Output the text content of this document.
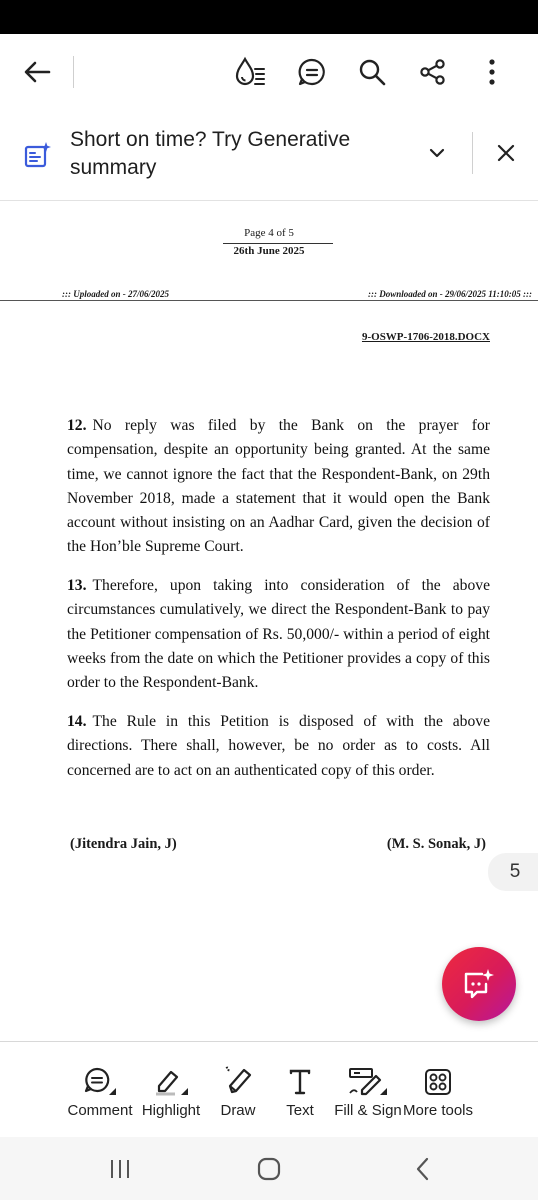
Short on time? Try Generative summary
Page 4 of 5
26th June 2025
::: Uploaded on - 27/06/2025	::: Downloaded on - 29/06/2025 11:10:05 :::
9-OSWP-1706-2018.DOCX
12. No reply was filed by the Bank on the prayer for compensation, despite an opportunity being granted. At the same time, we cannot ignore the fact that the Respondent-Bank, on 29th November 2018, made a statement that it would open the Bank account without insisting on an Aadhar Card, given the decision of the Hon’ble Supreme Court.
13. Therefore, upon taking into consideration of the above circumstances cumulatively, we direct the Respondent-Bank to pay the Petitioner compensation of Rs. 50,000/- within a period of eight weeks from the date on which the Petitioner provides a copy of this order to the Respondent-Bank.
14. The Rule in this Petition is disposed of with the above directions. There shall, however, be no order as to costs. All concerned are to act on an authenticated copy of this order.
(Jitendra Jain, J)	(M. S. Sonak, J)
5
Comment Highlight Draw Text Fill & Sign More tools
